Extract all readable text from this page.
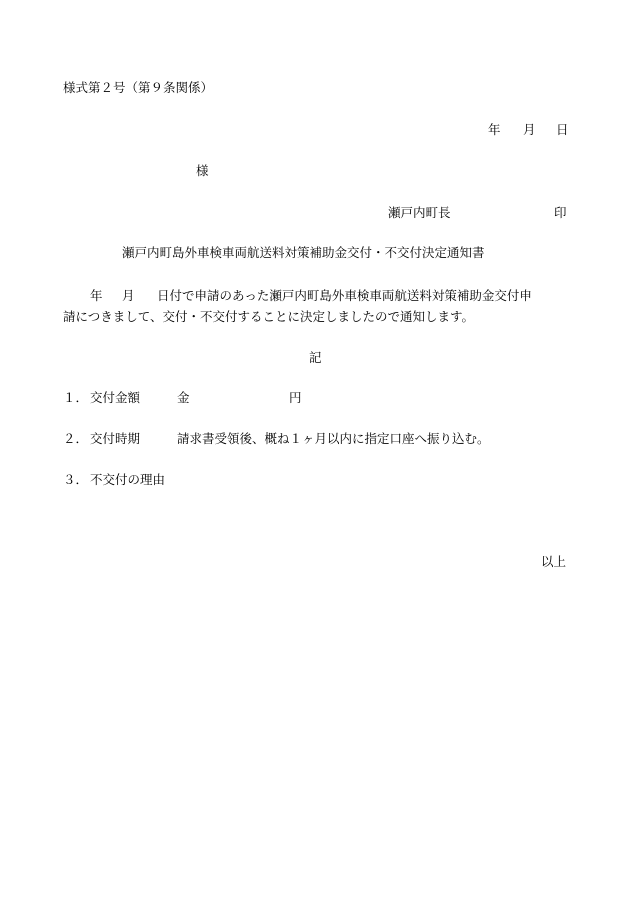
様式第２号（第９条関係）
年 月 日
様
瀬戸内町長	印
瀬戸内町島外車検車両航送料対策補助金交付・不交付決定通知書
年 月 日付で申請のあった瀬戸内町島外車検車両航送料対策補助金交付申
請につきまして、交付・不交付することに決定しましたので通知します。
記
１． 交付金額	金	円
２． 交付時期	請求書受領後、概ね１ヶ月以内に指定口座へ振り込む。
３． 不交付の理由
以上
